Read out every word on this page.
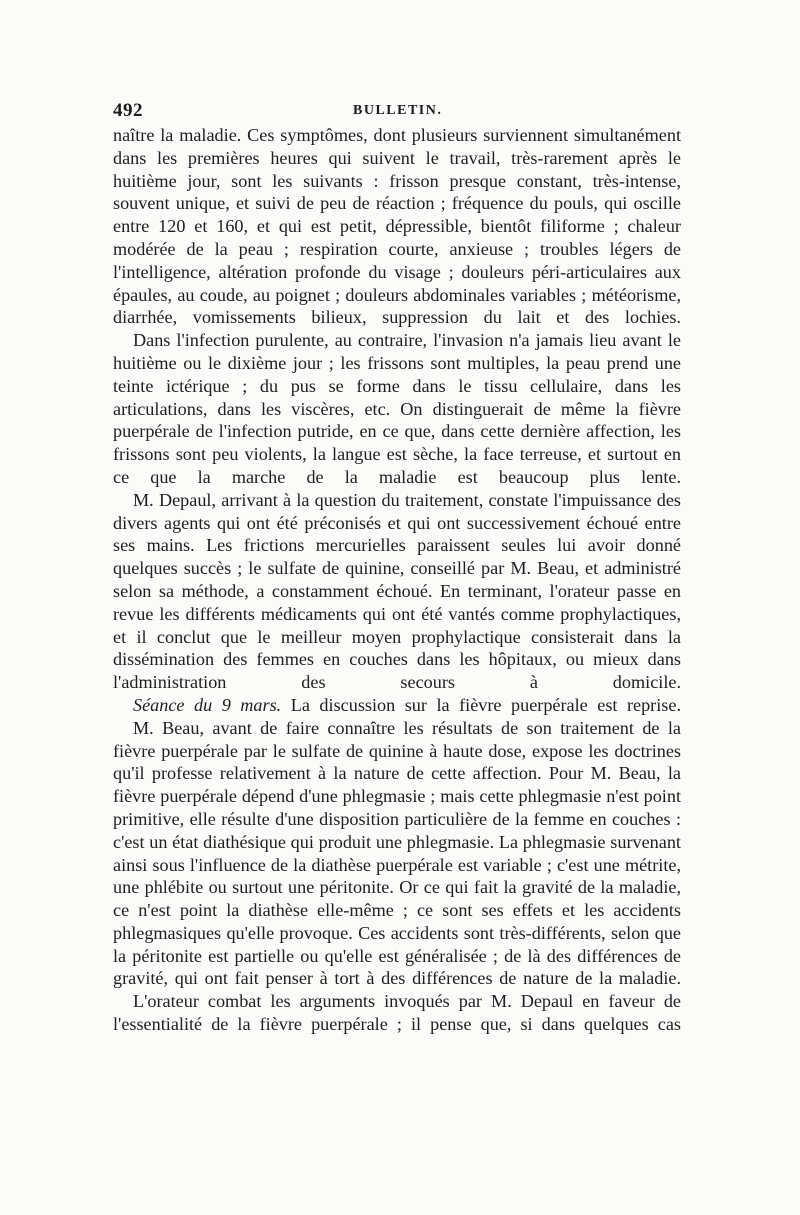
492	BULLETIN.

naître la maladie. Ces symptômes, dont plusieurs surviennent simultanément dans les premières heures qui suivent le travail, très-rarement après le huitième jour, sont les suivants : frisson presque constant, très-intense, souvent unique, et suivi de peu de réaction ; fréquence du pouls, qui oscille entre 120 et 160, et qui est petit, dépressible, bientôt filiforme ; chaleur modérée de la peau ; respiration courte, anxieuse ; troubles légers de l'intelligence, altération profonde du visage ; douleurs péri-articulaires aux épaules, au coude, au poignet ; douleurs abdominales variables ; météorisme, diarrhée, vomissements bilieux, suppression du lait et des lochies.

Dans l'infection purulente, au contraire, l'invasion n'a jamais lieu avant le huitième ou le dixième jour ; les frissons sont multiples, la peau prend une teinte ictérique ; du pus se forme dans le tissu cellulaire, dans les articulations, dans les viscères, etc. On distinguerait de même la fièvre puerpérale de l'infection putride, en ce que, dans cette dernière affection, les frissons sont peu violents, la langue est sèche, la face terreuse, et surtout en ce que la marche de la maladie est beaucoup plus lente.

M. Depaul, arrivant à la question du traitement, constate l'impuissance des divers agents qui ont été préconisés et qui ont successivement échoué entre ses mains. Les frictions mercurielles paraissent seules lui avoir donné quelques succès ; le sulfate de quinine, conseillé par M. Beau, et administré selon sa méthode, a constamment échoué. En terminant, l'orateur passe en revue les différents médicaments qui ont été vantés comme prophylactiques, et il conclut que le meilleur moyen prophylactique consisterait dans la dissémination des femmes en couches dans les hôpitaux, ou mieux dans l'administration des secours à domicile.

Séance du 9 mars. La discussion sur la fièvre puerpérale est reprise.

M. Beau, avant de faire connaître les résultats de son traitement de la fièvre puerpérale par le sulfate de quinine à haute dose, expose les doctrines qu'il professe relativement à la nature de cette affection. Pour M. Beau, la fièvre puerpérale dépend d'une phlegmasie ; mais cette phlegmasie n'est point primitive, elle résulte d'une disposition particulière de la femme en couches : c'est un état diathésique qui produit une phlegmasie. La phlegmasie survenant ainsi sous l'influence de la diathèse puerpérale est variable ; c'est une métrite, une phlébite ou surtout une péritonite. Or ce qui fait la gravité de la maladie, ce n'est point la diathèse elle-même ; ce sont ses effets et les accidents phlegmasiques qu'elle provoque. Ces accidents sont très-différents, selon que la péritonite est partielle ou qu'elle est généralisée ; de là des différences de gravité, qui ont fait penser à tort à des différences de nature de la maladie.

L'orateur combat les arguments invoqués par M. Depaul en faveur de l'essentialité de la fièvre puerpérale ; il pense que, si dans quelques cas
